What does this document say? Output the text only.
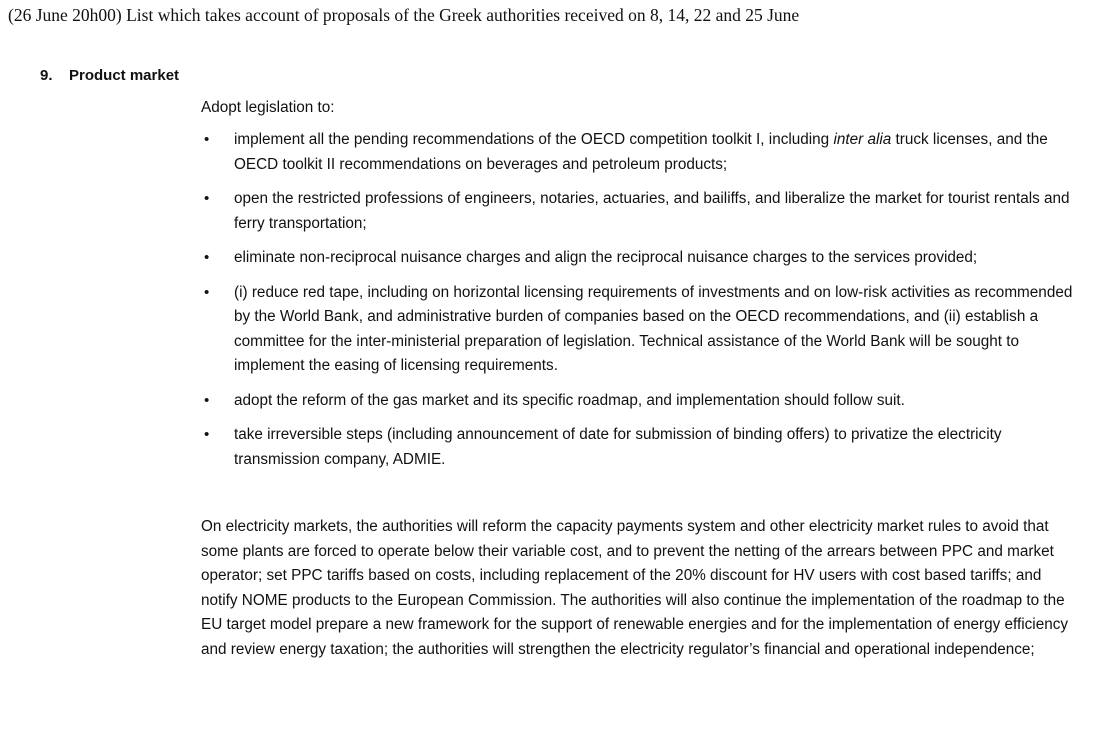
(26 June 20h00) List which takes account of proposals of the Greek authorities received on 8, 14, 22 and 25 June
9. Product market
Adopt legislation to:
• implement all the pending recommendations of the OECD competition toolkit I, including inter alia truck licenses, and the OECD toolkit II recommendations on beverages and petroleum products;
• open the restricted professions of engineers, notaries, actuaries, and bailiffs, and liberalize the market for tourist rentals and ferry transportation;
• eliminate non-reciprocal nuisance charges and align the reciprocal nuisance charges to the services provided;
• (i) reduce red tape, including on horizontal licensing requirements of investments and on low-risk activities as recommended by the World Bank, and administrative burden of companies based on the OECD recommendations, and (ii) establish a committee for the inter-ministerial preparation of legislation. Technical assistance of the World Bank will be sought to implement the easing of licensing requirements.
• adopt the reform of the gas market and its specific roadmap, and implementation should follow suit.
• take irreversible steps (including announcement of date for submission of binding offers) to privatize the electricity transmission company, ADMIE.
On electricity markets, the authorities will reform the capacity payments system and other electricity market rules to avoid that some plants are forced to operate below their variable cost, and to prevent the netting of the arrears between PPC and market operator; set PPC tariffs based on costs, including replacement of the 20% discount for HV users with cost based tariffs; and notify NOME products to the European Commission. The authorities will also continue the implementation of the roadmap to the EU target model prepare a new framework for the support of renewable energies and for the implementation of energy efficiency and review energy taxation; the authorities will strengthen the electricity regulator’s financial and operational independence;
